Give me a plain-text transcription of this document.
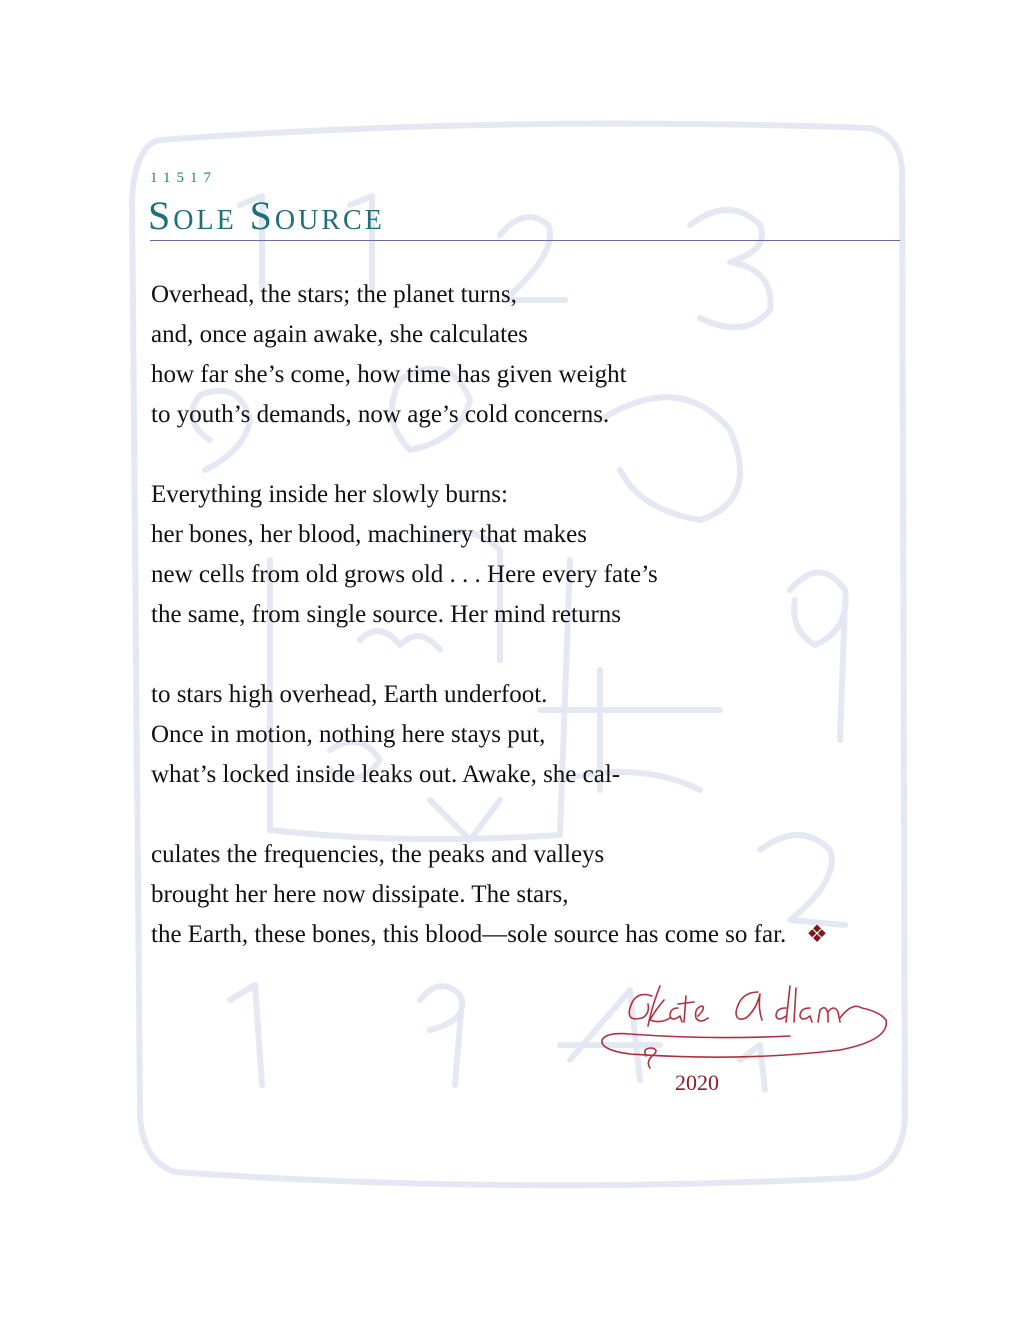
11517
Sole Source
Overhead, the stars; the planet turns,
and, once again awake, she calculates
how far she’s come, how time has given weight
to youth’s demands, now age’s cold concerns.
Everything inside her slowly burns:
her bones, her blood, machinery that makes
new cells from old grows old . . . Here every fate’s
the same, from single source. Her mind returns
to stars high overhead, Earth underfoot.
Once in motion, nothing here stays put,
what’s locked inside leaks out. Awake, she cal-
culates the frequencies, the peaks and valleys
brought her here now dissipate. The stars,
the Earth, these bones, this blood—sole source has come so far. ❖
2020
